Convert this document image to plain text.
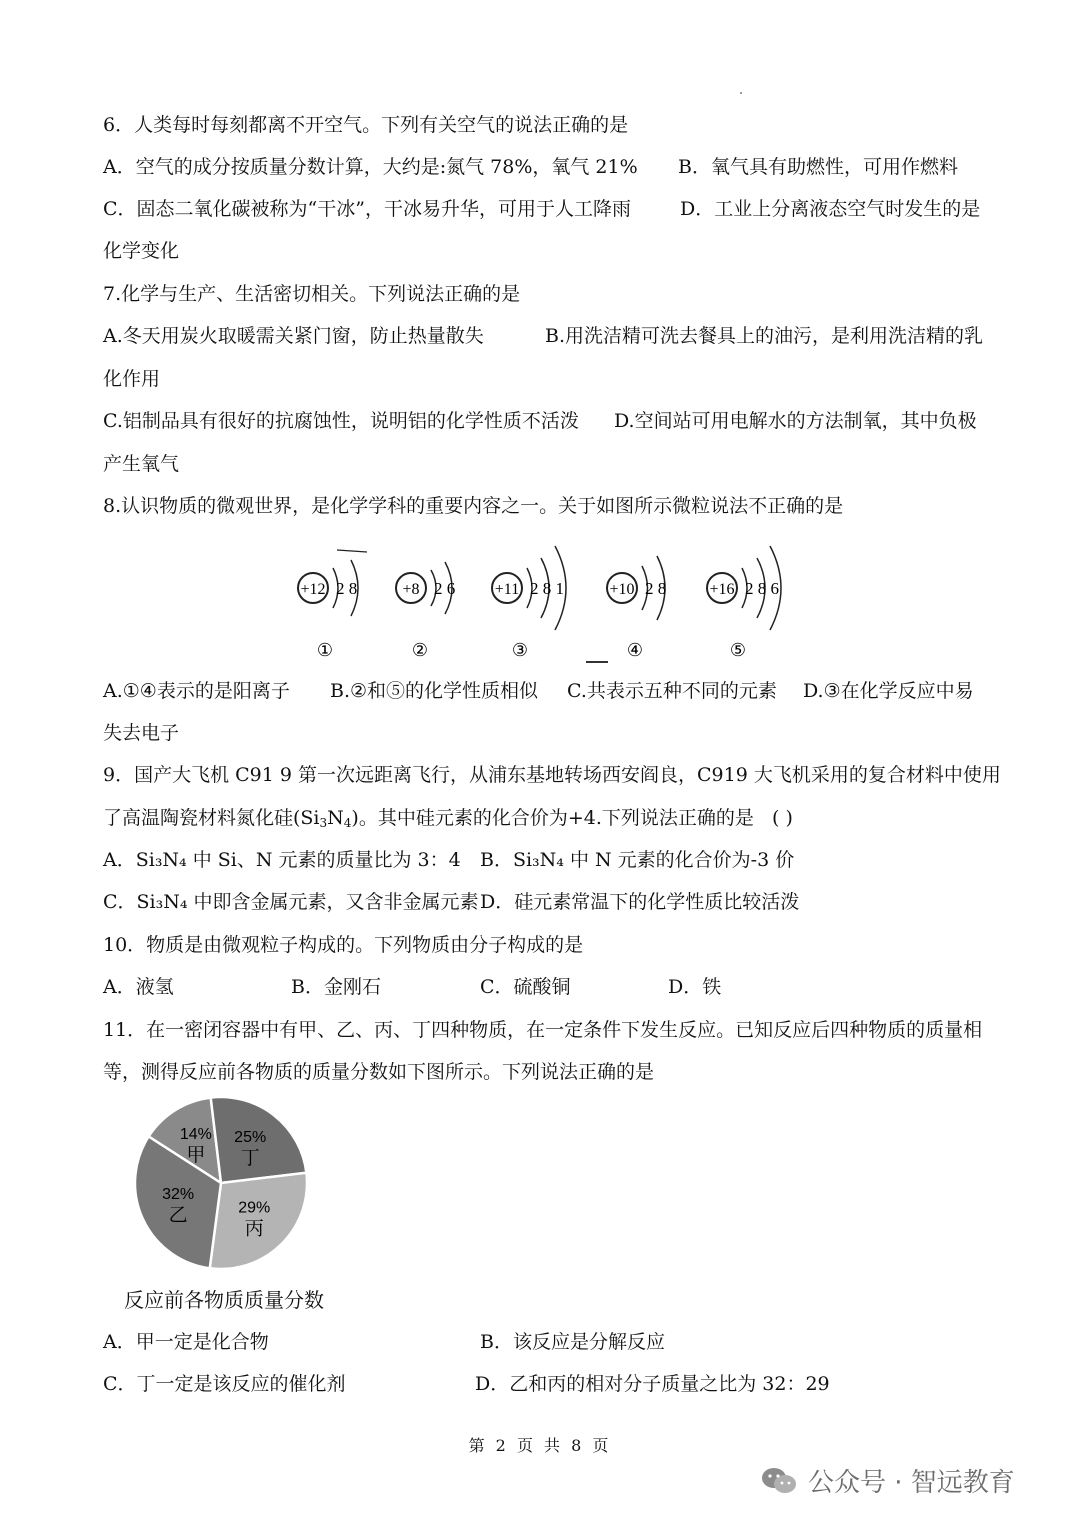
6．人类每时每刻都离不开空气。下列有关空气的说法正确的是
A．空气的成分按质量分数计算，大约是:氮气 78%，氧气 21% B．氧气具有助燃性，可用作燃料
C．固态二氧化碳被称为“干冰”，干冰易升华，可用于人工降雨	D．工业上分离液态空气时发生的是
化学变化
7.化学与生产、生活密切相关。下列说法正确的是
A.冬天用炭火取暖需关紧门窗，防止热量散失	B.用洗洁精可洗去餐具上的油污，是利用洗洁精的乳
化作用
C.铝制品具有很好的抗腐蚀性，说明铝的化学性质不活泼 D.空间站可用电解水的方法制氧，其中负极
产生氧气
8.认识物质的微观世界，是化学学科的重要内容之一。关于如图所示微粒说法不正确的是
+12 2 8
①
+8 2 6
②
+11 2 8 1
③
+10 2 8
④
+16 2 8 6
⑤
A.①④表示的是阳离子 B.②和⑤的化学性质相似 C.共表示五种不同的元素 D.③在化学反应中易
失去电子
9．国产大飞机 C91 9 第一次远距离飞行，从浦东基地转场西安阎良，C919 大飞机采用的复合材料中使用
了高温陶瓷材料氮化硅$(Si_3N_4)$。其中硅元素的化合价为+4.下列说法正确的是 ( )
A．Si₃N₄ 中 Si、N 元素的质量比为 3：4 B．Si₃N₄ 中 N 元素的化合价为-3 价
C．Si₃N₄ 中即含金属元素，又含非金属元素 D．硅元素常温下的化学性质比较活泼
10．物质是由微观粒子构成的。下列物质由分子构成的是
A．液氢	B．金刚石	C．硫酸铜	D．铁
11．在一密闭容器中有甲、乙、丙、丁四种物质，在一定条件下发生反应。已知反应后四种物质的质量相
等，测得反应前各物质的质量分数如下图所示。下列说法正确的是
14%
甲
25%
丁
29%
丙
32%
乙
反应前各物质质量分数
A．甲一定是化合物	B．该反应是分解反应
C．丁一定是该反应的催化剂	D．乙和丙的相对分子质量之比为 32：29
第 2 页 共 8 页
公众号 · 智远教育
